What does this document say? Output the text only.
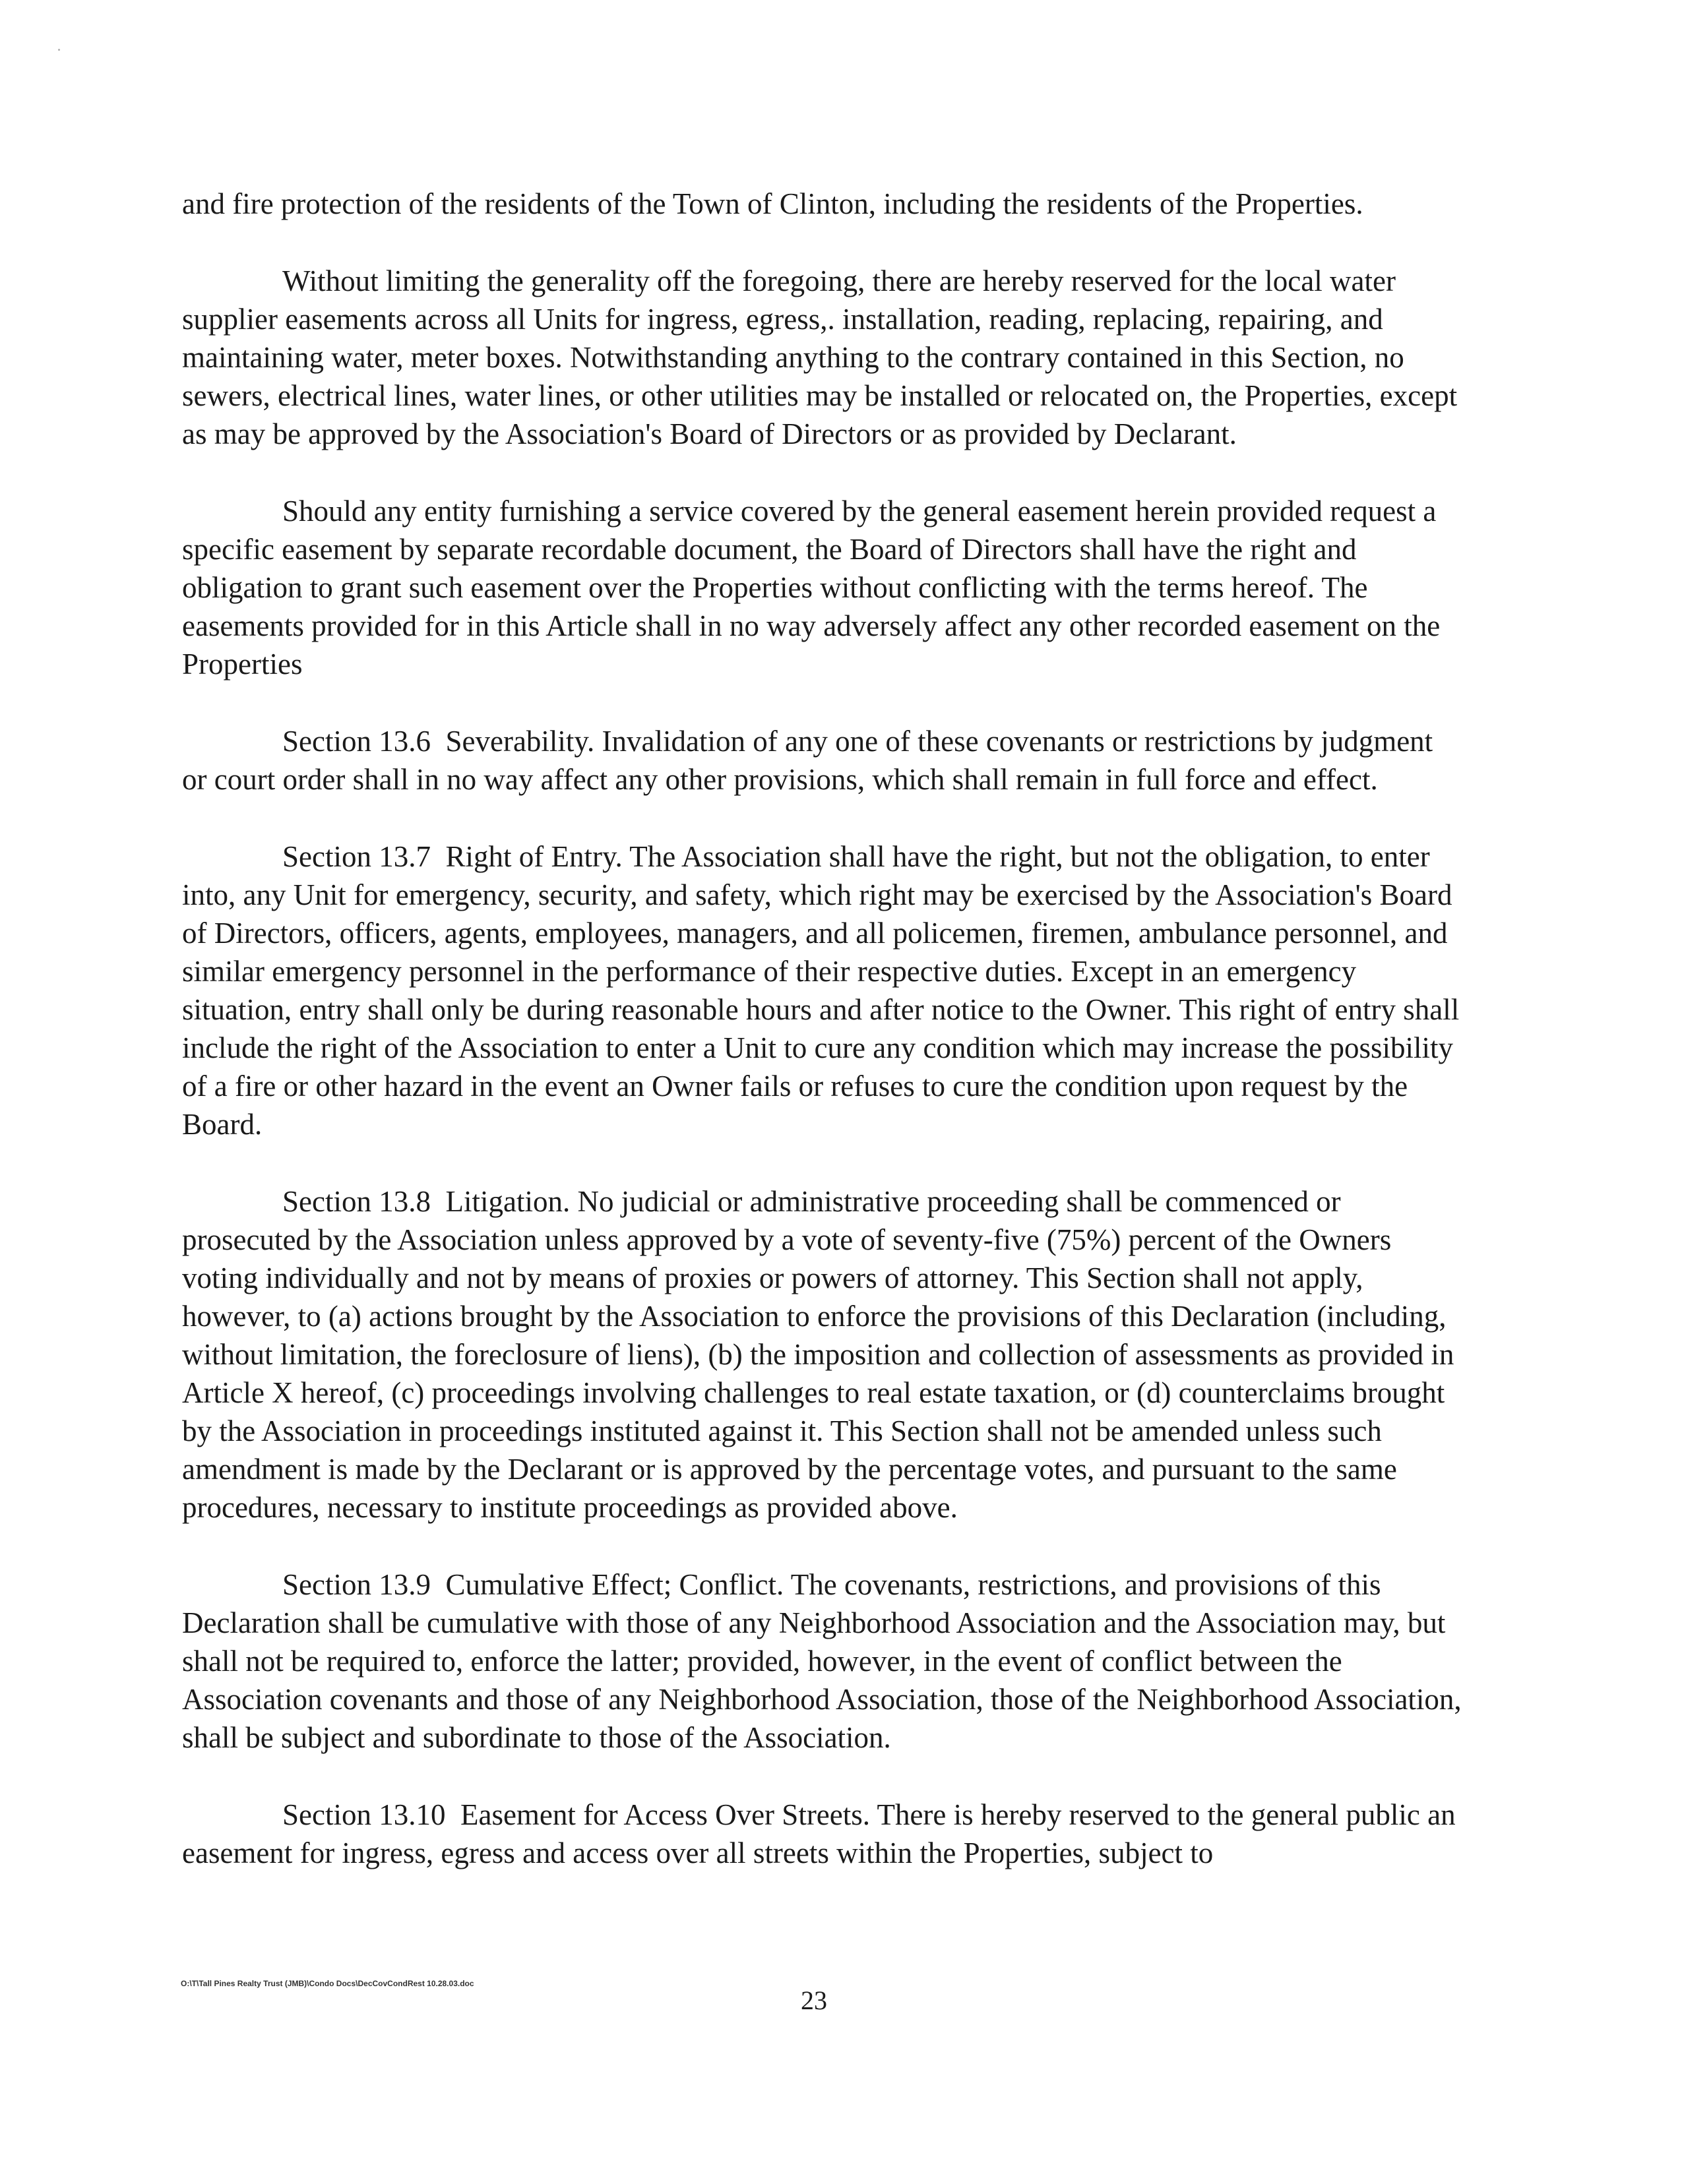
and fire protection of the residents of the Town of Clinton, including the residents of the Properties.

Without limiting the generality off the foregoing, there are hereby reserved for the local water supplier easements across all Units for ingress, egress,. installation, reading, replacing, repairing, and maintaining water, meter boxes. Notwithstanding anything to the contrary contained in this Section, no sewers, electrical lines, water lines, or other utilities may be installed or relocated on, the Properties, except as may be approved by the Association's Board of Directors or as provided by Declarant.

Should any entity furnishing a service covered by the general easement herein provided request a specific easement by separate recordable document, the Board of Directors shall have the right and obligation to grant such easement over the Properties without conflicting with the terms hereof. The easements provided for in this Article shall in no way adversely affect any other recorded easement on the Properties

Section 13.6 Severability. Invalidation of any one of these covenants or restrictions by judgment or court order shall in no way affect any other provisions, which shall remain in full force and effect.

Section 13.7 Right of Entry. The Association shall have the right, but not the obligation, to enter into, any Unit for emergency, security, and safety, which right may be exercised by the Association's Board of Directors, officers, agents, employees, managers, and all policemen, firemen, ambulance personnel, and similar emergency personnel in the performance of their respective duties. Except in an emergency situation, entry shall only be during reasonable hours and after notice to the Owner. This right of entry shall include the right of the Association to enter a Unit to cure any condition which may increase the possibility of a fire or other hazard in the event an Owner fails or refuses to cure the condition upon request by the Board.

Section 13.8 Litigation. No judicial or administrative proceeding shall be commenced or prosecuted by the Association unless approved by a vote of seventy-five (75%) percent of the Owners voting individually and not by means of proxies or powers of attorney. This Section shall not apply, however, to (a) actions brought by the Association to enforce the provisions of this Declaration (including, without limitation, the foreclosure of liens), (b) the imposition and collection of assessments as provided in Article X hereof, (c) proceedings involving challenges to real estate taxation, or (d) counterclaims brought by the Association in proceedings instituted against it. This Section shall not be amended unless such amendment is made by the Declarant or is approved by the percentage votes, and pursuant to the same procedures, necessary to institute proceedings as provided above.

Section 13.9 Cumulative Effect; Conflict. The covenants, restrictions, and provisions of this Declaration shall be cumulative with those of any Neighborhood Association and the Association may, but shall not be required to, enforce the latter; provided, however, in the event of conflict between the Association covenants and those of any Neighborhood Association, those of the Neighborhood Association, shall be subject and subordinate to those of the Association.

Section 13.10 Easement for Access Over Streets. There is hereby reserved to the general public an easement for ingress, egress and access over all streets within the Properties, subject to

O:\T\Tall Pines Realty Trust (JMB)\Condo Docs\DecCovCondRest 10.28.03.doc
23
